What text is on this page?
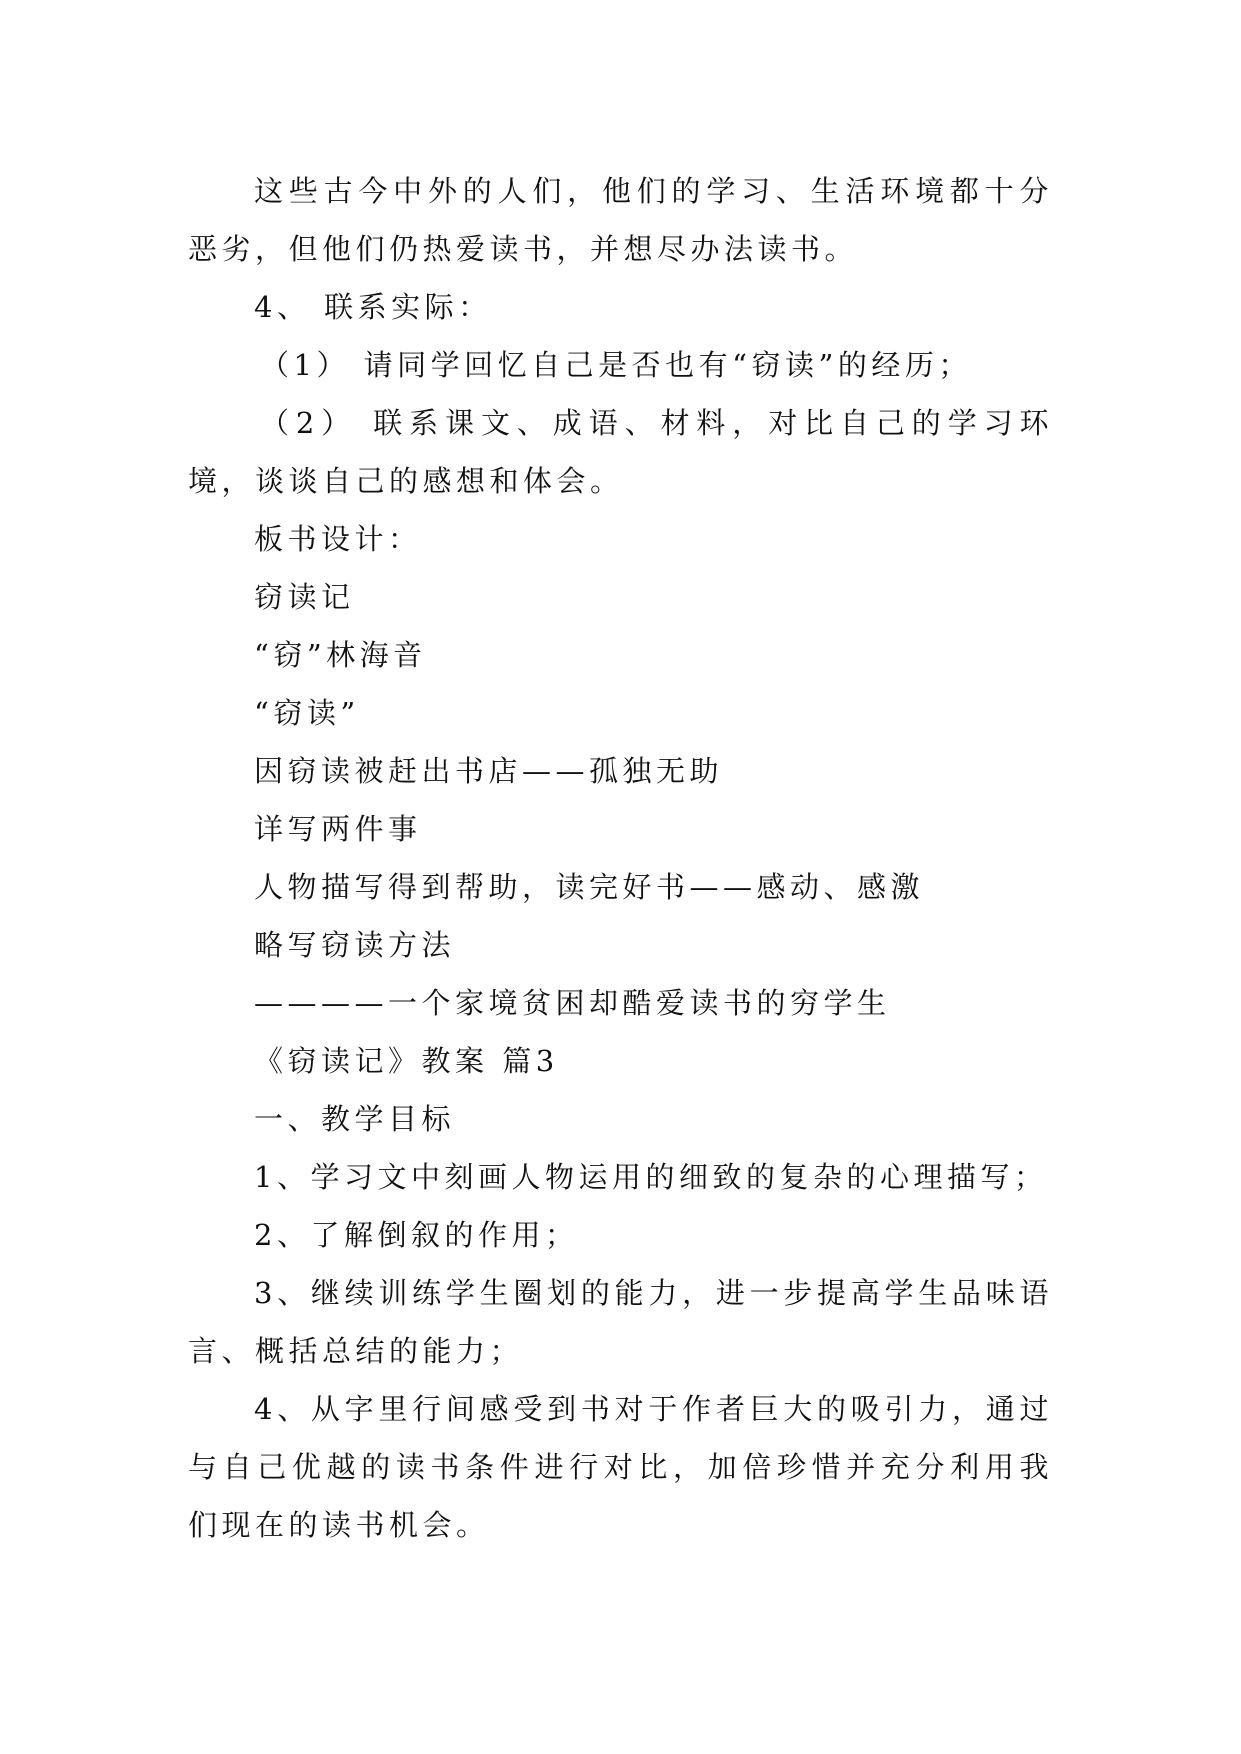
这些古今中外的人们，他们的学习、生活环境都十分恶劣，但他们仍热爱读书，并想尽办法读书。

4、 联系实际：

（1） 请同学回忆自己是否也有“窃读”的经历；

（2） 联系课文、成语、材料，对比自己的学习环境，谈谈自己的感想和体会。

板书设计：

窃读记

“窃”林海音

“窃读”

因窃读被赶出书店——孤独无助

详写两件事

人物描写得到帮助，读完好书——感动、感激

略写窃读方法

————一个家境贫困却酷爱读书的穷学生

《窃读记》教案 篇3

一、教学目标

1、学习文中刻画人物运用的细致的复杂的心理描写；

2、了解倒叙的作用；

3、继续训练学生圈划的能力，进一步提高学生品味语言、概括总结的能力；

4、从字里行间感受到书对于作者巨大的吸引力，通过与自己优越的读书条件进行对比，加倍珍惜并充分利用我们现在的读书机会。
